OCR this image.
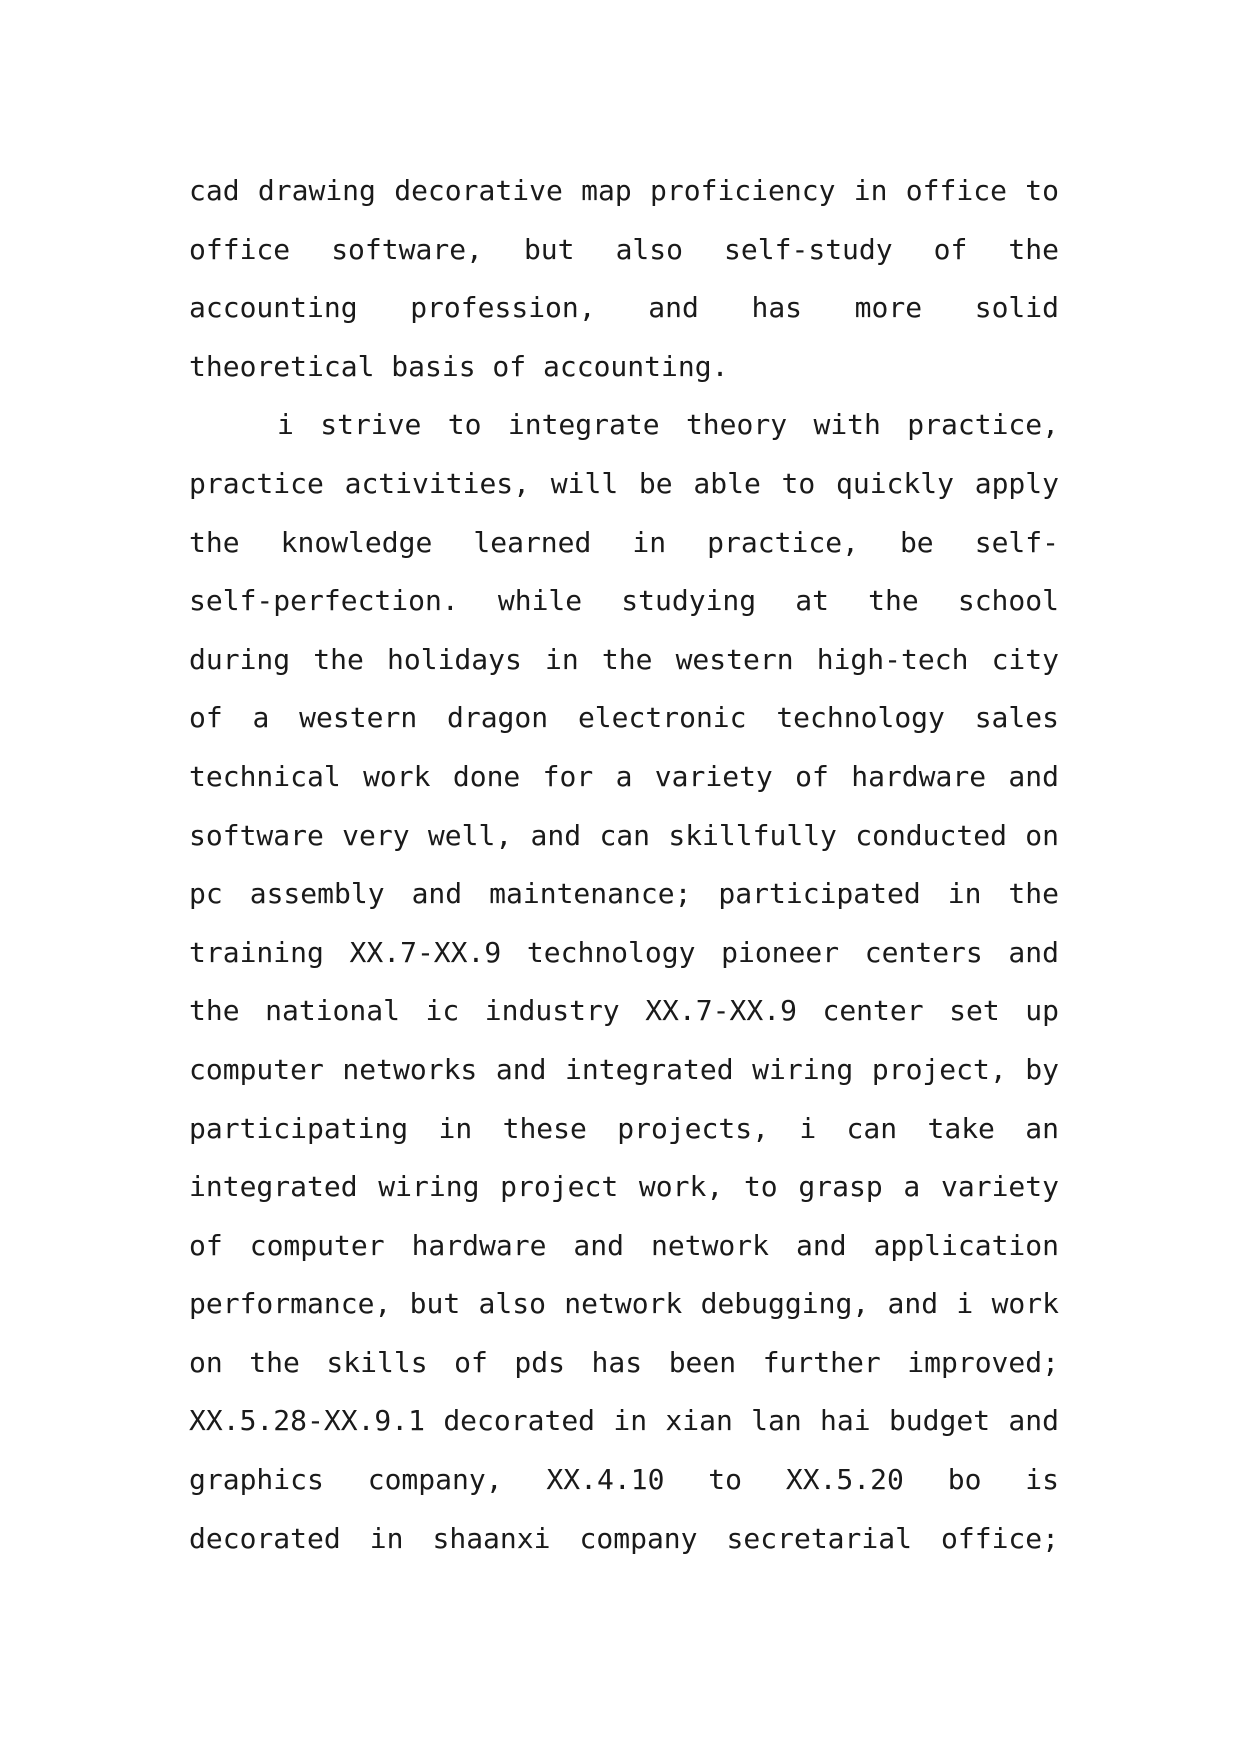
cad drawing decorative map proficiency in office to
office software, but also self-study of the
accounting profession, and has more solid
theoretical basis of accounting.
i strive to integrate theory with practice,
practice activities, will be able to quickly apply
the knowledge learned in practice, be self-
self-perfection. while studying at the school
during the holidays in the western high-tech city
of a western dragon electronic technology sales
technical work done for a variety of hardware and
software very well, and can skillfully conducted on
pc assembly and maintenance; participated in the
training XX.7-XX.9 technology pioneer centers and
the national ic industry XX.7-XX.9 center set up
computer networks and integrated wiring project, by
participating in these projects, i can take an
integrated wiring project work, to grasp a variety
of computer hardware and network and application
performance, but also network debugging, and i work
on the skills of pds has been further improved;
XX.5.28-XX.9.1 decorated in xian lan hai budget and
graphics company, XX.4.10 to XX.5.20 bo is
decorated in shaanxi company secretarial office;
